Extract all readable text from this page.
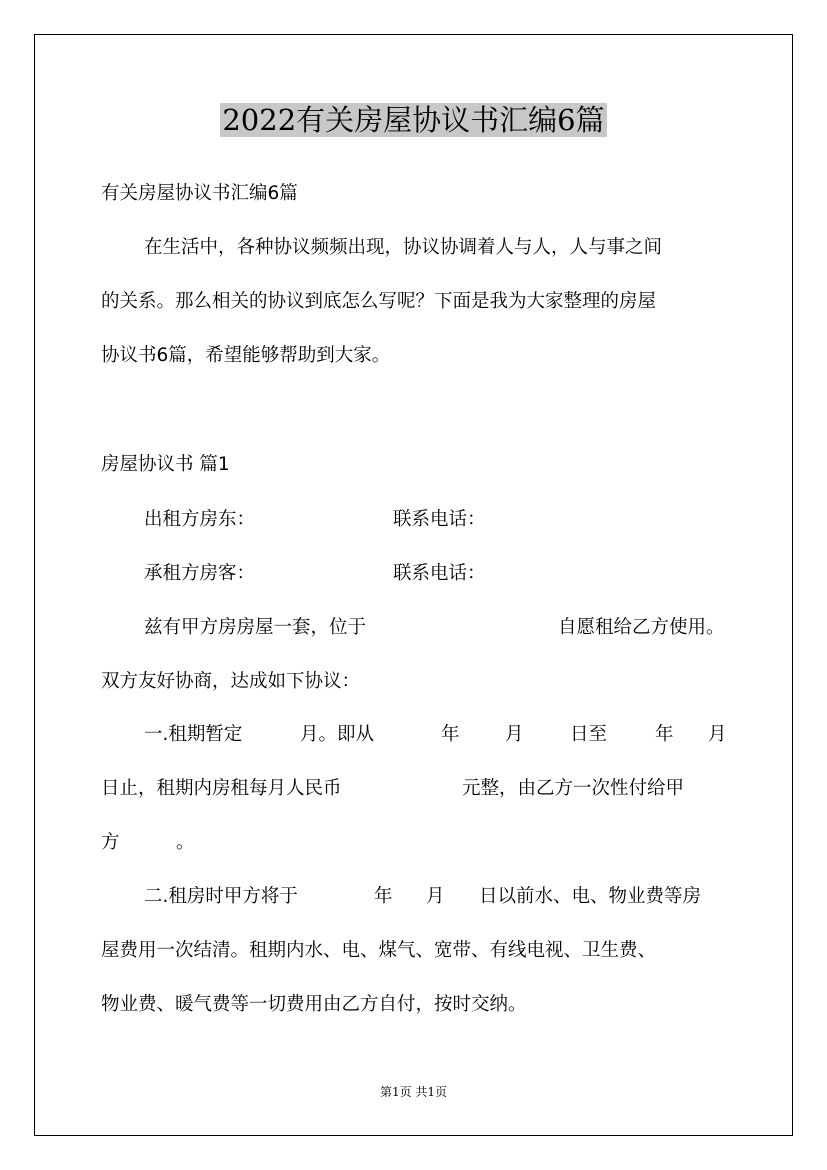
2022有关房屋协议书汇编6篇
有关房屋协议书汇编6篇
在生活中，各种协议频频出现，协议协调着人与人，人与事之间
的关系。那么相关的协议到底怎么写呢？下面是我为大家整理的房屋
协议书6篇，希望能够帮助到大家。
房屋协议书 篇1
出租方房东：	联系电话：
承租方房客：	联系电话：
兹有甲方房房屋一套，位于	自愿租给乙方使用。
双方友好协商，达成如下协议：
一.租期暂定	月。即从	年 月	日至	年 月
日止，租期内房租每月人民币	元整，由乙方一次性付给甲
方	。
二.租房时甲方将于	年 月 日以前水、电、物业费等房
屋费用一次结清。租期内水、电、煤气、宽带、有线电视、卫生费、
物业费、暖气费等一切费用由乙方自付，按时交纳。
第1页 共1页
